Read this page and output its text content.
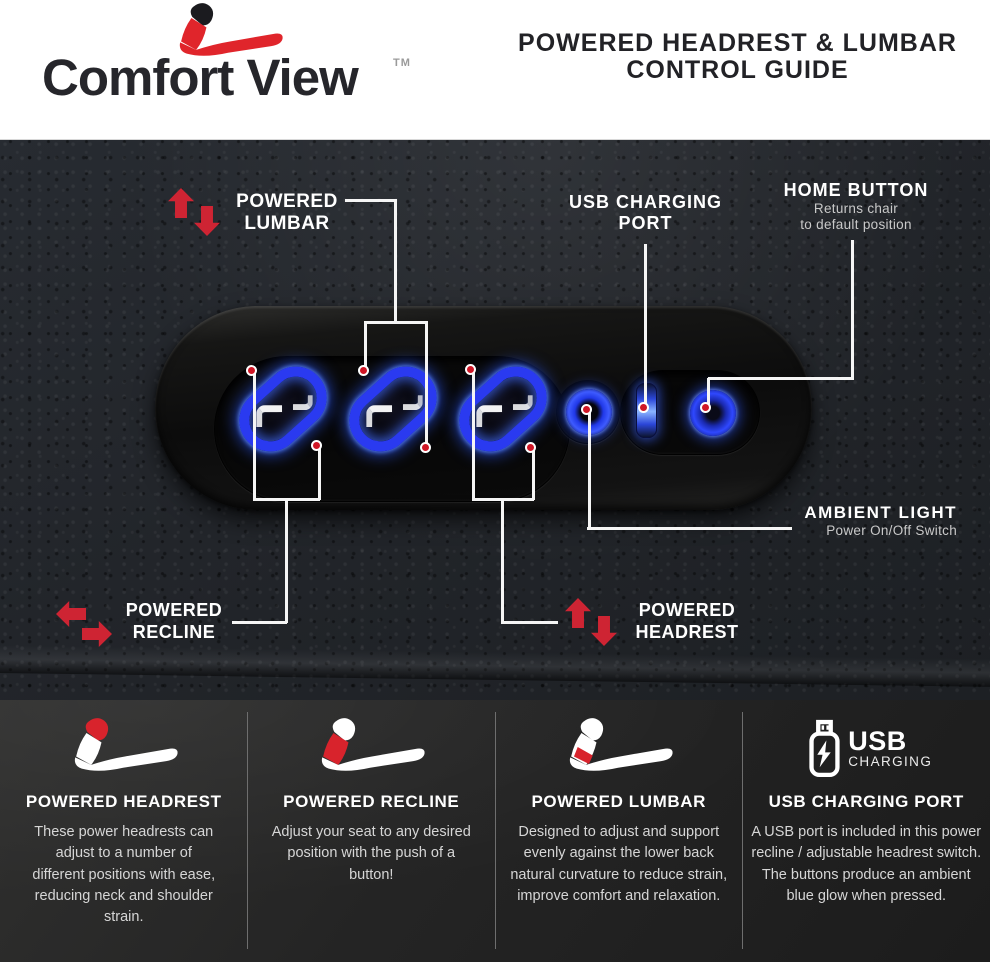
Comfort View	TM
POWERED HEADREST & LUMBAR
CONTROL GUIDE
POWERED
LUMBAR
USB CHARGING
PORT
HOME BUTTON
Returns chair
to default position
AMBIENT LIGHT
Power On/Off Switch
POWERED
RECLINE
POWERED
HEADREST
POWERED HEADREST

These power headrests can adjust to a number of different positions with ease, reducing neck and shoulder strain.

POWERED RECLINE

Adjust your seat to any desired position with the push of a button!

POWERED LUMBAR

Designed to adjust and support evenly against the lower back natural curvature to reduce strain, improve comfort and relaxation.

USB
CHARGING
USB CHARGING PORT

A USB port is included in this power recline / adjustable headrest switch. The buttons produce an ambient blue glow when pressed.
